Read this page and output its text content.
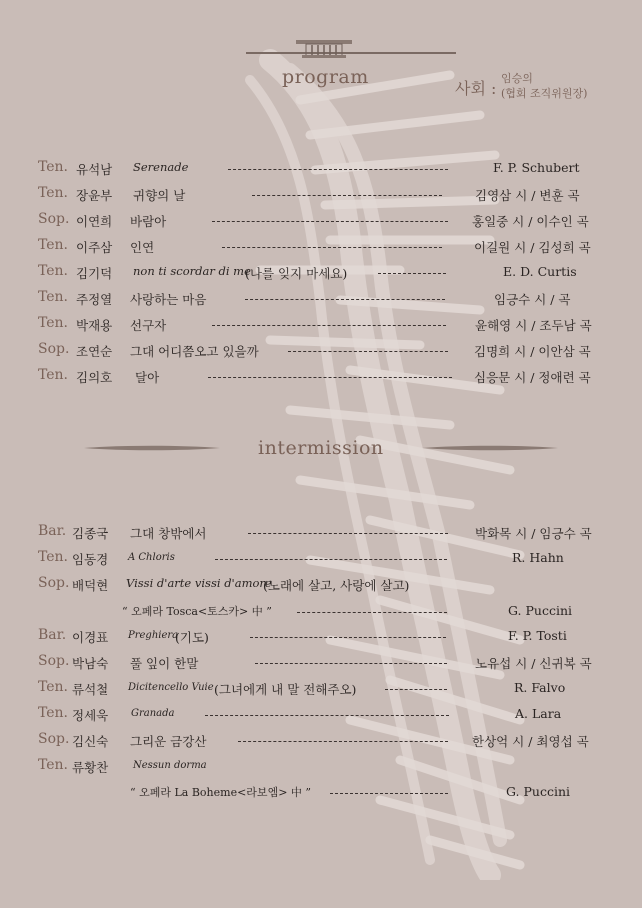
program
사회 :
임승의
(협회 조직위원장)
Ten. 유석남 Serenade	F. P. Schubert
Ten. 장윤부 귀향의 날	김영삼 시 / 변훈 곡
Sop. 이연희 바람아	홍일중 시 / 이수인 곡
Ten. 이주삼 인연	이길원 시 / 김성희 곡
Ten. 김기덕 non ti scordar di me
(나를 잊지 마세요)	E. D. Curtis
Ten. 주정열 사랑하는 마음	임긍수 시 / 곡
Ten. 박재용 선구자	윤해영 시 / 조두남 곡
Sop. 조연순 그대 어디쯤오고 있을까	김명희 시 / 이안삼 곡
Ten. 김의호 달아	심응문 시 / 정애련 곡
intermission
Bar. 김종국 그대 창밖에서	박화목 시 / 임긍수 곡
Ten. 임동경 A Chloris	R. Hahn
Sop. 배덕현 Vissi d'arte vissi d'amore
(노래에 살고, 사랑에 살고)
“ 오페라 Tosca<토스카> 中 ”	G. Puccini
Bar. 이경표 Preghiera
(기도)	F. P. Tosti
Sop. 박남숙 풀 잎이 한말	노유섭 시 / 신귀복 곡
Ten. 류석철 Dicitencello Vuie (그녀에게 내 말 전해주오)	R. Falvo
Ten. 정세욱 Granada	A. Lara
Sop. 김신숙 그리운 금강산	한상억 시 / 최영섭 곡
Ten. 류황찬 Nessun dorma
“ 오페라 La Boheme<라보엠> 中 ”	G. Puccini
